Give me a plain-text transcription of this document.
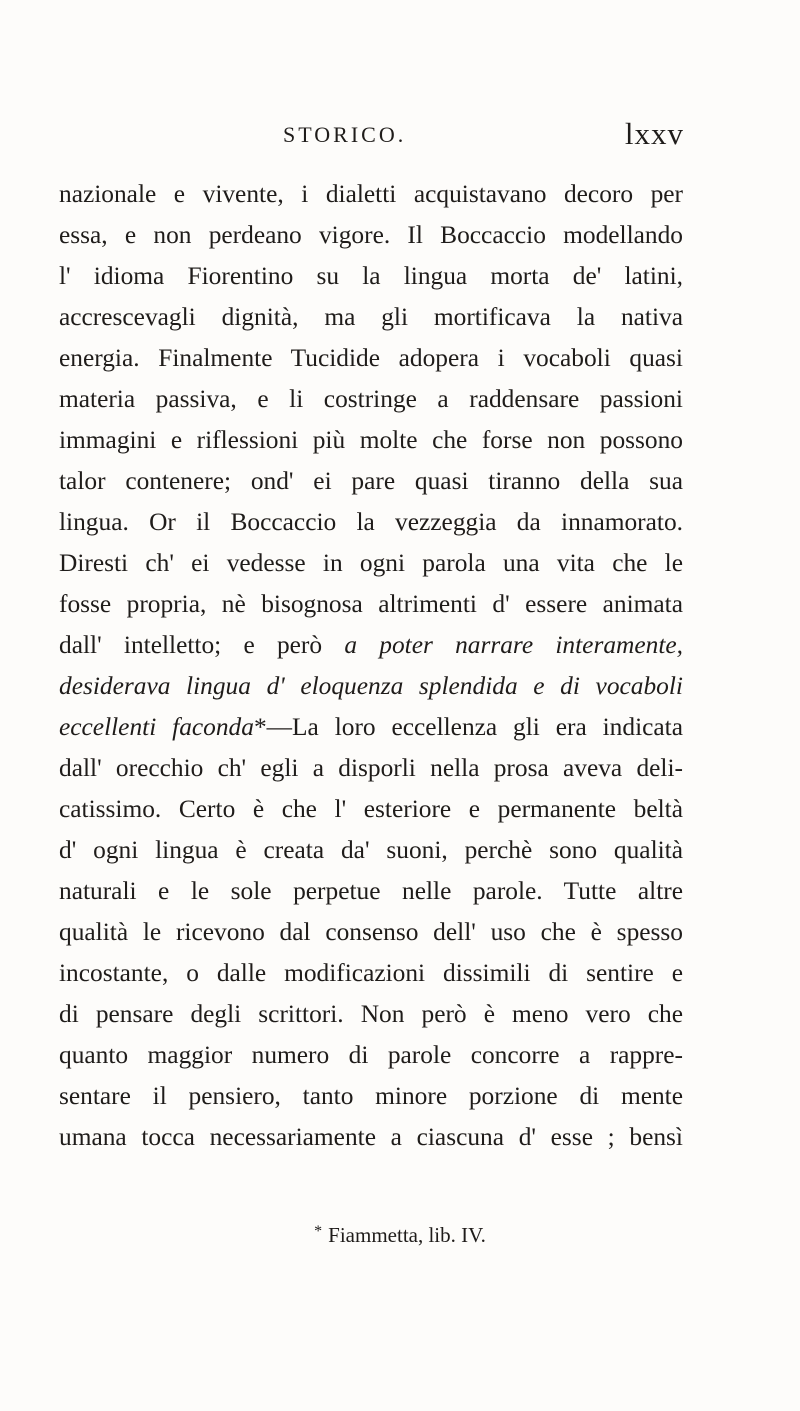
STORICO.	lxxv
nazionale e vivente, i dialetti acquistavano decoro per
essa, e non perdeano vigore. Il Boccaccio modellando
l' idioma Fiorentino su la lingua morta de' latini,
accrescevagli dignità, ma gli mortificava la nativa
energia. Finalmente Tucidide adopera i vocaboli quasi
materia passiva, e li costringe a raddensare passioni
immagini e riflessioni più molte che forse non possono
talor contenere; ond' ei pare quasi tiranno della sua
lingua. Or il Boccaccio la vezzeggia da innamorato.
Diresti ch' ei vedesse in ogni parola una vita che le
fosse propria, nè bisognosa altrimenti d' essere animata
dall' intelletto; e però a poter narrare interamente,
desiderava lingua d' eloquenza splendida e di vocaboli
eccellenti faconda*—La loro eccellenza gli era indicata
dall' orecchio ch' egli a disporli nella prosa aveva deli-
catissimo. Certo è che l' esteriore e permanente beltà
d' ogni lingua è creata da' suoni, perchè sono qualità
naturali e le sole perpetue nelle parole. Tutte altre
qualità le ricevono dal consenso dell' uso che è spesso
incostante, o dalle modificazioni dissimili di sentire e
di pensare degli scrittori. Non però è meno vero che
quanto maggior numero di parole concorre a rappre-
sentare il pensiero, tanto minore porzione di mente
umana tocca necessariamente a ciascuna d' esse ; bensì
* Fiammetta, lib. IV.
